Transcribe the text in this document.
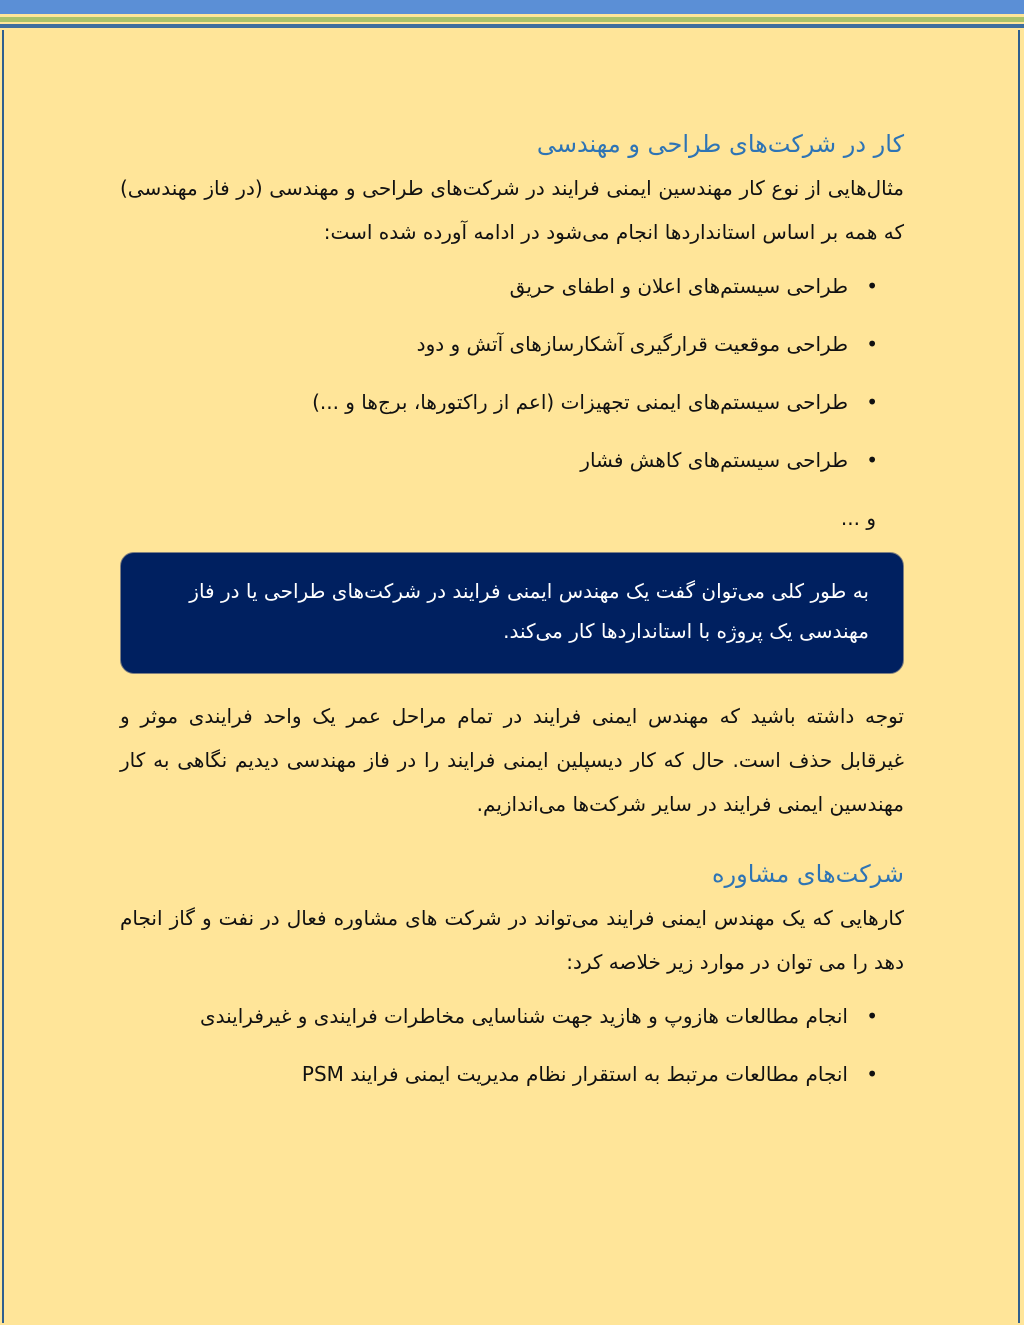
کار در شرکت‌های طراحی و مهندسی

مثال‌هایی از نوع کار مهندسین ایمنی فرایند در شرکت‌های طراحی و مهندسی (در فاز مهندسی) که همه بر اساس استانداردها انجام می‌شود در ادامه آورده شده است:

• طراحی سیستم‌های اعلان و اطفای حریق
• طراحی موقعیت قرارگیری آشکارسازهای آتش و دود
• طراحی سیستم‌های ایمنی تجهیزات (اعم از راکتورها، برج‌ها و ...)
• طراحی سیستم‌های کاهش فشار

و ...

به طور کلی می‌توان گفت یک مهندس ایمنی فرایند در شرکت‌های طراحی یا در فاز مهندسی یک پروژه با استانداردها کار می‌کند.

توجه داشته باشید که مهندس ایمنی فرایند در تمام مراحل عمر یک واحد فرایندی موثر و غیرقابل حذف است. حال که کار دیسپلین ایمنی فرایند را در فاز مهندسی دیدیم نگاهی به کار مهندسین ایمنی فرایند در سایر شرکت‌ها می‌اندازیم.

شرکت‌های مشاوره

کارهایی که یک مهندس ایمنی فرایند می‌تواند در شرکت های مشاوره فعال در نفت و گاز انجام دهد را می توان در موارد زیر خلاصه کرد:

• انجام مطالعات هازوپ و هازید جهت شناسایی مخاطرات فرایندی و غیرفرایندی
• انجام مطالعات مرتبط به استقرار نظام مدیریت ایمنی فرایند PSM
